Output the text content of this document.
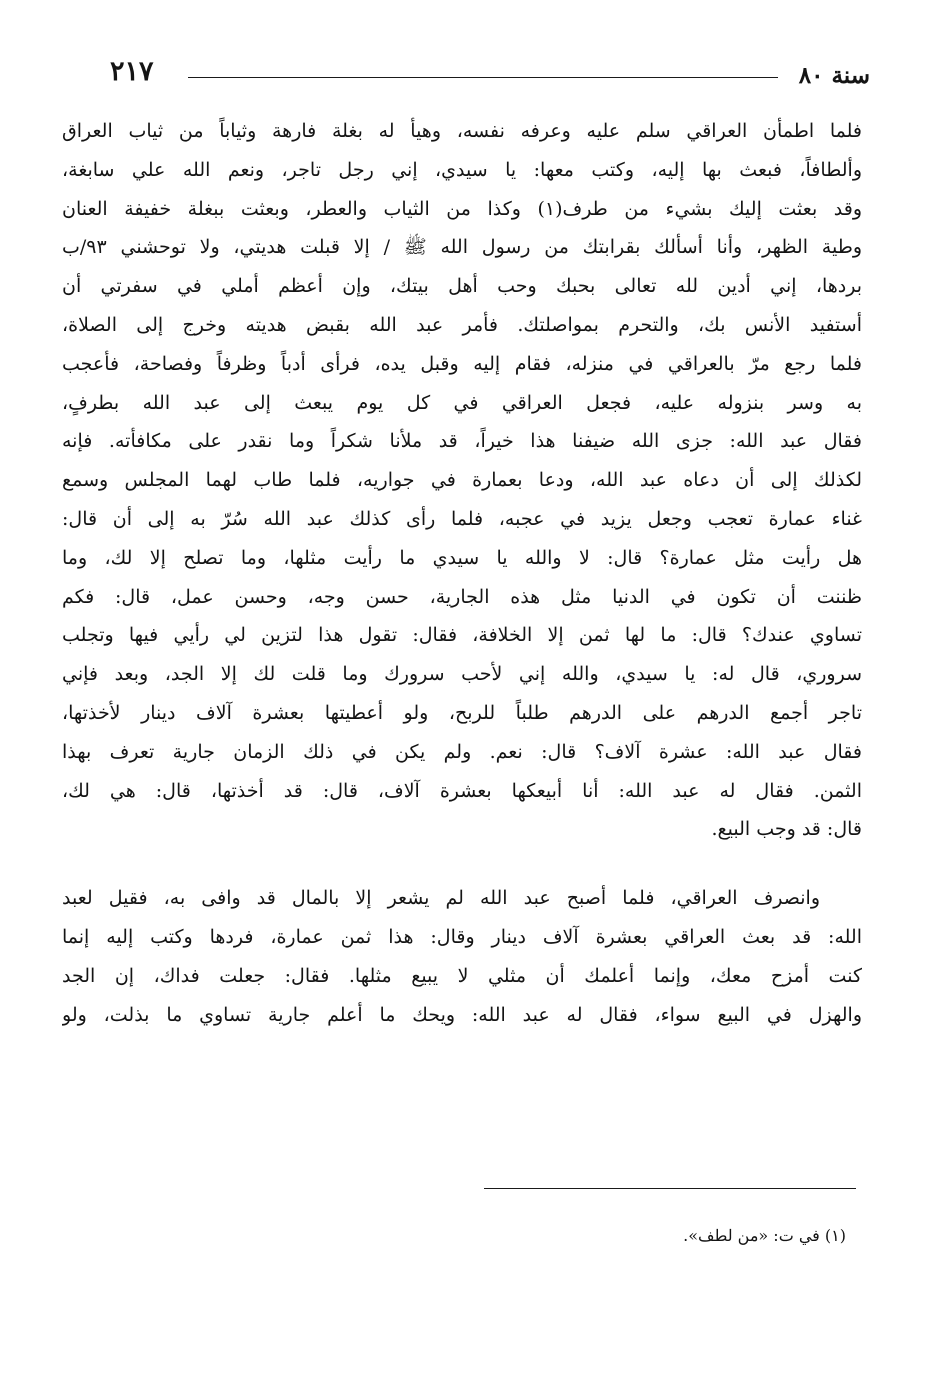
سنة ٨٠
٢١٧
فلما اطمأن العراقي سلم عليه وعرفه نفسه، وهيأ له بغلة فارهة وثياباً من ثياب العراق
وألطافاً، فبعث بها إليه، وكتب معها: يا سيدي، إني رجل تاجر، ونعم الله علي سابغة،
وقد بعثت إليك بشيء من طرف(١) وكذا من الثياب والعطر، وبعثت ببغلة خفيفة العنان
وطية الظهر، وأنا أسألك بقرابتك من رسول الله ﷺ / إلا قبلت هديتي، ولا توحشني ٩٣/ب
بردها، إني أدين لله تعالى بحبك وحب أهل بيتك، وإن أعظم أملي في سفرتي أن
أستفيد الأنس بك، والتحرم بمواصلتك. فأمر عبد الله بقبض هديته وخرج إلى الصلاة،
فلما رجع مرّ بالعراقي في منزله، فقام إليه وقبل يده، فرأى أدباً وظرفاً وفصاحة، فأعجب
به وسر بنزوله عليه، فجعل العراقي في كل يوم يبعث إلى عبد الله بطرفٍ،
فقال عبد الله: جزى الله ضيفنا هذا خيراً، قد ملأنا شكراً وما نقدر على مكافأته. فإنه
لكذلك إلى أن دعاه عبد الله، ودعا بعمارة في جواريه، فلما طاب لهما المجلس وسمع
غناء عمارة تعجب وجعل يزيد في عجبه، فلما رأى كذلك عبد الله سُرّ به إلى أن قال:
هل رأيت مثل عمارة؟ قال: لا والله يا سيدي ما رأيت مثلها، وما تصلح إلا لك، وما
ظننت أن تكون في الدنيا مثل هذه الجارية، حسن وجه، وحسن عمل، قال: فكم
تساوي عندك؟ قال: ما لها ثمن إلا الخلافة، فقال: تقول هذا لتزين لي رأيي فيها وتجلب
سروري، قال له: يا سيدي، والله إني لأحب سرورك وما قلت لك إلا الجد، وبعد فإني
تاجر أجمع الدرهم على الدرهم طلباً للربح، ولو أعطيتها بعشرة آلاف دينار لأخذتها،
فقال عبد الله: عشرة آلاف؟ قال: نعم. ولم يكن في ذلك الزمان جارية تعرف بهذا
الثمن. فقال له عبد الله: أنا أبيعكها بعشرة آلاف، قال: قد أخذتها، قال: هي لك،
قال: قد وجب البيع.
وانصرف العراقي، فلما أصبح عبد الله لم يشعر إلا بالمال قد وافى به، فقيل لعبد
الله: قد بعث العراقي بعشرة آلاف دينار وقال: هذا ثمن عمارة، فردها وكتب إليه إنما
كنت أمزح معك، وإنما أعلمك أن مثلي لا يبيع مثلها. فقال: جعلت فداك، إن الجد
والهزل في البيع سواء، فقال له عبد الله: ويحك ما أعلم جارية تساوي ما بذلت، ولو
(١) في ت: «من لطف».
